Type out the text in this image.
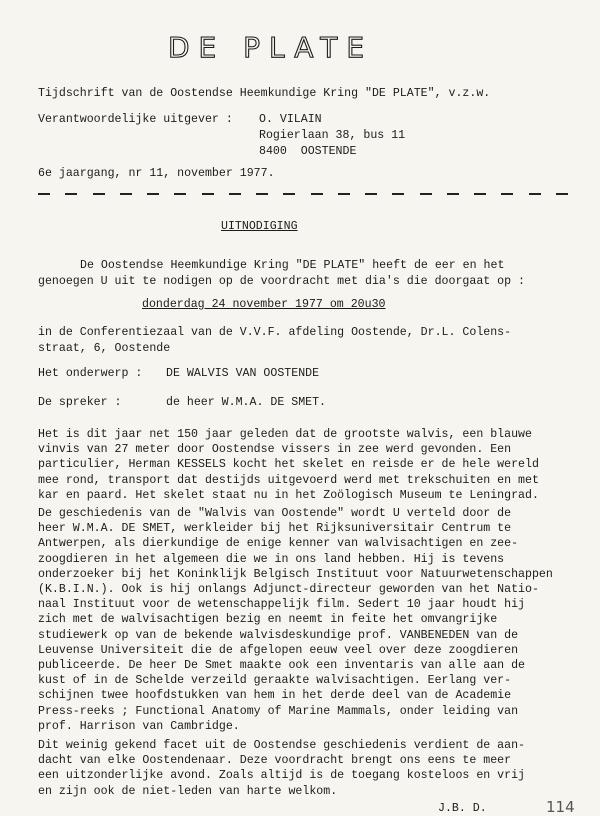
DE PLATE
Tijdschrift van de Oostendse Heemkundige Kring "DE PLATE", v.z.w.
Verantwoordelijke uitgever : O. VILAIN
Rogierlaan 38, bus 11
8400  OOSTENDE
6e jaargang, nr 11, november 1977.
UITNODIGING
De Oostendse Heemkundige Kring "DE PLATE" heeft de eer en het
genoegen U uit te nodigen op de voordracht met dia's die doorgaat op :
donderdag 24 november 1977 om 20u30
in de Conferentiezaal van de V.V.F. afdeling Oostende, Dr.L. Colens-
straat, 6, Oostende
Het onderwerp : DE WALVIS VAN OOSTENDE
De spreker :	de heer W.M.A. DE SMET.
Het is dit jaar net 150 jaar geleden dat de grootste walvis, een blauwe
vinvis van 27 meter door Oostendse vissers in zee werd gevonden. Een
particulier, Herman KESSELS kocht het skelet en reisde er de hele wereld
mee rond, transport dat destijds uitgevoerd werd met trekschuiten en met
kar en paard. Het skelet staat nu in het Zoölogisch Museum te Leningrad.
De geschiedenis van de "Walvis van Oostende" wordt U verteld door de
heer W.M.A. DE SMET, werkleider bij het Rijksuniversitair Centrum te
Antwerpen, als dierkundige de enige kenner van walvisachtigen en zee-
zoogdieren in het algemeen die we in ons land hebben. Hij is tevens
onderzoeker bij het Koninklijk Belgisch Instituut voor Natuurwetenschappen
(K.B.I.N.). Ook is hij onlangs Adjunct-directeur geworden van het Natio-
naal Instituut voor de wetenschappelijk film. Sedert 10 jaar houdt hij
zich met de walvisachtigen bezig en neemt in feite het omvangrijke
studiewerk op van de bekende walvisdeskundige prof. VANBENEDEN van de
Leuvense Universiteit die de afgelopen eeuw veel over deze zoogdieren
publiceerde. De heer De Smet maakte ook een inventaris van alle aan de
kust of in de Schelde verzeild geraakte walvisachtigen. Eerlang ver-
schijnen twee hoofdstukken van hem in het derde deel van de Academie
Press-reeks ; Functional Anatomy of Marine Mammals, onder leiding van
prof. Harrison van Cambridge.
J.B. D.	114
Dit weinig gekend facet uit de Oostendse geschiedenis verdient de aan-
dacht van elke Oostendenaar. Deze voordracht brengt ons eens te meer
een uitzonderlijke avond. Zoals altijd is de toegang kosteloos en vrij
en zijn ook de niet-leden van harte welkom.
